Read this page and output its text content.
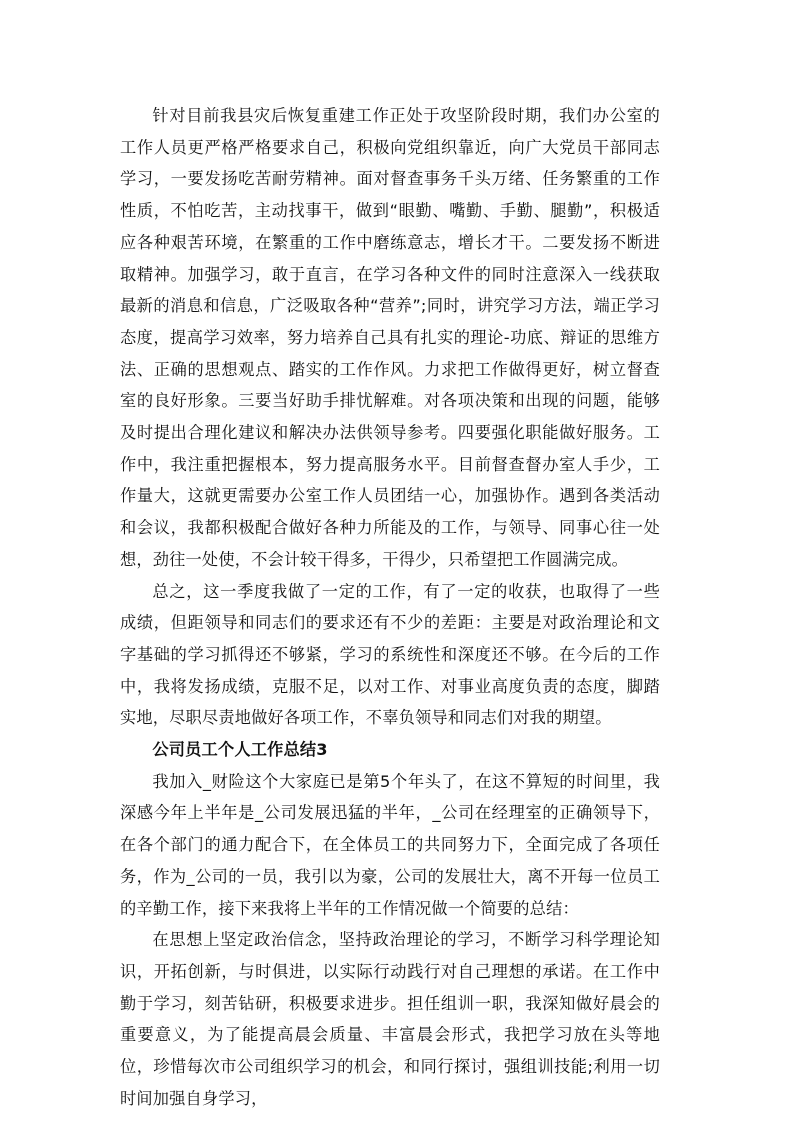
针对目前我县灾后恢复重建工作正处于攻坚阶段时期，我们办公室的工作人员更严格严格要求自己，积极向党组织靠近，向广大党员干部同志学习，一要发扬吃苦耐劳精神。面对督查事务千头万绪、任务繁重的工作性质，不怕吃苦，主动找事干，做到“眼勤、嘴勤、手勤、腿勤”，积极适应各种艰苦环境，在繁重的工作中磨练意志，增长才干。二要发扬不断进取精神。加强学习，敢于直言，在学习各种文件的同时注意深入一线获取最新的消息和信息，广泛吸取各种“营养”;同时，讲究学习方法，端正学习态度，提高学习效率，努力培养自己具有扎实的理论-功底、辩证的思维方法、正确的思想观点、踏实的工作作风。力求把工作做得更好，树立督查室的良好形象。三要当好助手排忧解难。对各项决策和出现的问题，能够及时提出合理化建议和解决办法供领导参考。四要强化职能做好服务。工作中，我注重把握根本，努力提高服务水平。目前督查督办室人手少，工作量大，这就更需要办公室工作人员团结一心，加强协作。遇到各类活动和会议，我都积极配合做好各种力所能及的工作，与领导、同事心往一处想，劲往一处使，不会计较干得多，干得少，只希望把工作圆满完成。

总之，这一季度我做了一定的工作，有了一定的收获，也取得了一些成绩，但距领导和同志们的要求还有不少的差距：主要是对政治理论和文字基础的学习抓得还不够紧，学习的系统性和深度还不够。在今后的工作中，我将发扬成绩，克服不足，以对工作、对事业高度负责的态度，脚踏实地，尽职尽责地做好各项工作，不辜负领导和同志们对我的期望。

公司员工个人工作总结3

我加入_财险这个大家庭已是第5个年头了，在这不算短的时间里，我深感今年上半年是_公司发展迅猛的半年，_公司在经理室的正确领导下，在各个部门的通力配合下，在全体员工的共同努力下，全面完成了各项任务，作为_公司的一员，我引以为豪，公司的发展壮大，离不开每一位员工的辛勤工作，接下来我将上半年的工作情况做一个简要的总结：

在思想上坚定政治信念，坚持政治理论的学习，不断学习科学理论知识，开拓创新，与时俱进，以实际行动践行对自己理想的承诺。在工作中勤于学习，刻苦钻研，积极要求进步。担任组训一职，我深知做好晨会的重要意义，为了能提高晨会质量、丰富晨会形式，我把学习放在头等地位，珍惜每次市公司组织学习的机会，和同行探讨，强组训技能;利用一切时间加强自身学习，
